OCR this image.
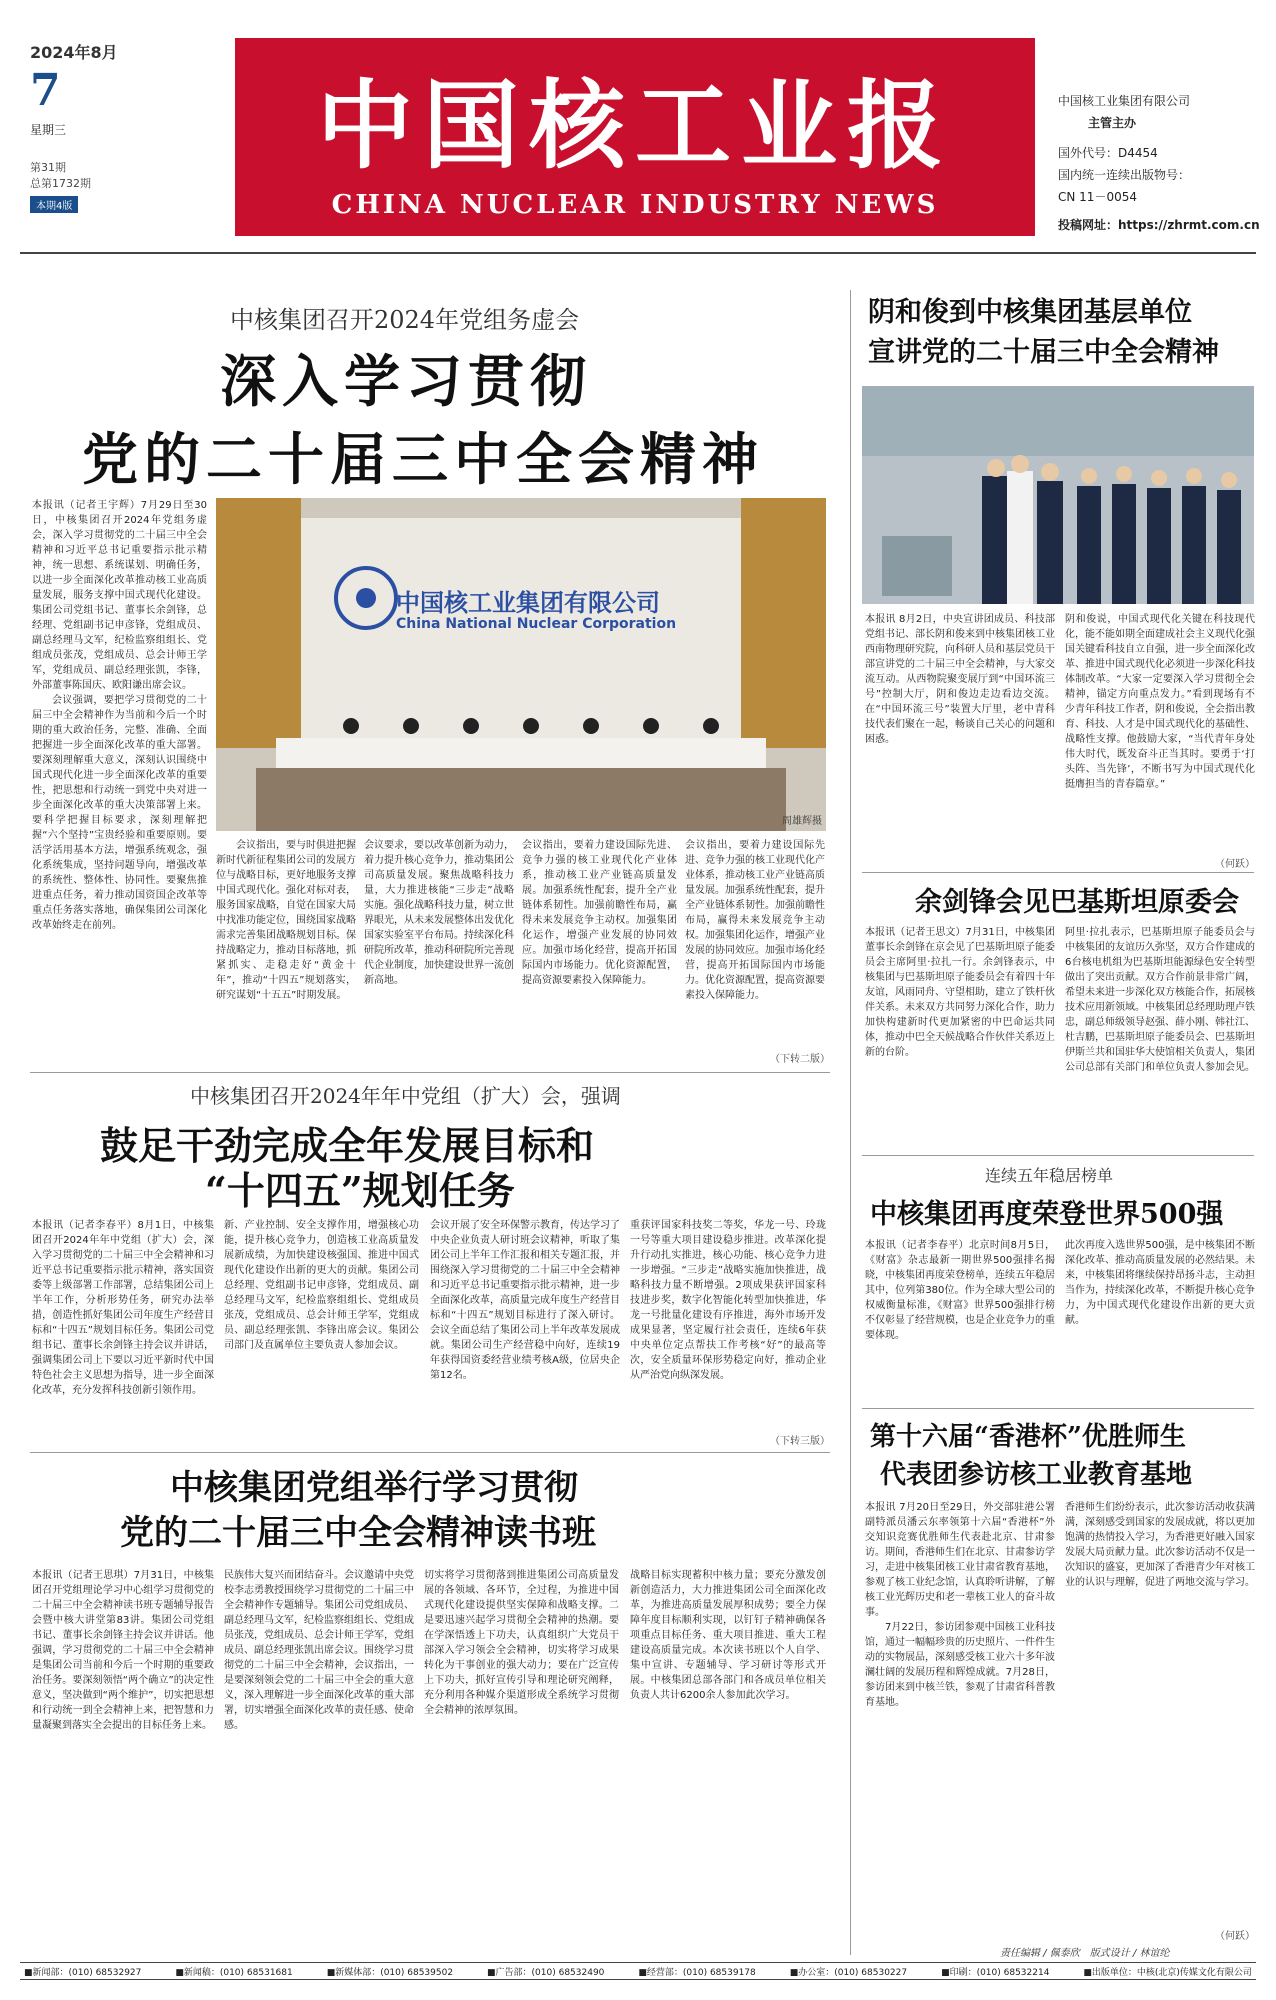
2024年8月
7
星期三
第31期
总第1732期
本期4版
中国核工业报
CHINA NUCLEAR INDUSTRY NEWS
中国核工业集团有限公司
主管主办
国外代号：D4454
国内统一连续出版物号：
CN 11－0054
投稿网址：https://zhrmt.com.cn
中核集团召开2024年党组务虚会
深入学习贯彻
党的二十届三中全会精神

本报讯（记者王宇辉）7月29日至30日，中核集团召开2024年党组务虚会，深入学习贯彻党的二十届三中全会精神和习近平总书记重要指示批示精神，统一思想、系统谋划、明确任务，以进一步全面深化改革推动核工业高质量发展，服务支撑中国式现代化建设。集团公司党组书记、董事长余剑锋，总经理、党组副书记申彦锋，党组成员、副总经理马文军，纪检监察组组长、党组成员张茂，党组成员、总会计师王学军，党组成员、副总经理张凯，李锋，外部董事陈国庆、欧阳谦出席会议。

会议强调，要把学习贯彻党的二十届三中全会精神作为当前和今后一个时期的重大政治任务，完整、准确、全面把握进一步全面深化改革的重大部署。要深刻理解重大意义，深刻认识围绕中国式现代化进一步全面深化改革的重要性，把思想和行动统一到党中央对进一步全面深化改革的重大决策部署上来。要科学把握目标要求，深刻理解把握“六个坚持”宝贵经验和重要原则。要活学活用基本方法，增强系统观念，强化系统集成，坚持问题导向，增强改革的系统性、整体性、协同性。要聚焦推进重点任务，着力推动国资国企改革等重点任务落实落地，确保集团公司深化改革始终走在前列。

中国核工业集团有限公司
China National Nuclear Corporation
周雄辉摄

会议指出，要与时俱进把握新时代新征程集团公司的发展方位与战略目标，更好地服务支撑中国式现代化。强化对标对表，服务国家战略，自觉在国家大局中找准功能定位，围绕国家战略需求完善集团战略规划目标。保持战略定力，推动目标落地，抓紧抓实、走稳走好“黄金十年”，推动“十四五”规划落实，研究谋划“十五五”时期发展。

会议要求，要以改革创新为动力，着力提升核心竞争力，推动集团公司高质量发展。聚焦战略科技力量，大力推进核能“三步走”战略实施。强化战略科技力量，树立世界眼光，从未来发展整体出发优化国家实验室平台布局。持续深化科研院所改革，推动科研院所完善现代企业制度，加快建设世界一流创新高地。

会议指出，要着力建设国际先进、竞争力强的核工业现代化产业体系，推动核工业产业链高质量发展。加强系统性配套，提升全产业链体系韧性。加强前瞻性布局，赢得未来发展竞争主动权。加强集团化运作，增强产业发展的协同效应。加强市场化经营，提高开拓国际国内市场能力。优化资源配置，提高资源要素投入保障能力。

会议指出，要着力建设国际先进、竞争力强的核工业现代化产业体系，推动核工业产业链高质量发展。加强系统性配套，提升全产业链体系韧性。加强前瞻性布局，赢得未来发展竞争主动权。加强集团化运作，增强产业发展的协同效应。加强市场化经营，提高开拓国际国内市场能力。优化资源配置，提高资源要素投入保障能力。

（下转二版）
中核集团召开2024年年中党组（扩大）会，强调
鼓足干劲完成全年发展目标和
“十四五”规划任务

本报讯（记者李春平）8月1日，中核集团召开2024年年中党组（扩大）会，深入学习贯彻党的二十届三中全会精神和习近平总书记重要指示批示精神，落实国资委等上级部署工作部署，总结集团公司上半年工作，分析形势任务，研究办法举措，创造性抓好集团公司年度生产经营目标和“十四五”规划目标任务。集团公司党组书记、董事长余剑锋主持会议并讲话，强调集团公司上下要以习近平新时代中国特色社会主义思想为指导，进一步全面深化改革，充分发挥科技创新引领作用。

新、产业控制、安全支撑作用，增强核心功能，提升核心竞争力，创造核工业高质量发展新成绩，为加快建设核强国、推进中国式现代化建设作出新的更大的贡献。集团公司总经理、党组副书记申彦锋，党组成员、副总经理马文军，纪检监察组组长、党组成员张茂，党组成员、总会计师王学军，党组成员、副总经理张凯、李锋出席会议。集团公司部门及直属单位主要负责人参加会议。

会议开展了安全环保警示教育，传达学习了中央企业负责人研讨班会议精神，听取了集团公司上半年工作汇报和相关专题汇报，并围绕深入学习贯彻党的二十届三中全会精神和习近平总书记重要指示批示精神，进一步全面深化改革，高质量完成年度生产经营目标和“十四五”规划目标进行了深入研讨。会议全面总结了集团公司上半年改革发展成就。集团公司生产经营稳中向好，连续19年获得国资委经营业绩考核A级，位居央企第12名。

重获评国家科技奖二等奖，华龙一号、玲珑一号等重大项目建设稳步推进。改革深化提升行动扎实推进，核心功能、核心竞争力进一步增强。“三步走”战略实施加快推进，战略科技力量不断增强。2项成果获评国家科技进步奖，数字化智能化转型加快推进，华龙一号批量化建设有序推进，海外市场开发成果显著，坚定履行社会责任，连续6年获中央单位定点帮扶工作考核“好”的最高等次，安全质量环保形势稳定向好，推动企业从严治党向纵深发展。

（下转三版）
中核集团党组举行学习贯彻
党的二十届三中全会精神读书班

本报讯（记者王思琪）7月31日，中核集团召开党组理论学习中心组学习贯彻党的二十届三中全会精神读书班专题辅导报告会暨中核大讲堂第83讲。集团公司党组书记、董事长余剑锋主持会议并讲话。他强调，学习贯彻党的二十届三中全会精神是集团公司当前和今后一个时期的重要政治任务。要深刻领悟“两个确立”的决定性意义，坚决做到“两个维护”，切实把思想和行动统一到全会精神上来，把智慧和力量凝聚到落实全会提出的目标任务上来。

民族伟大复兴而团结奋斗。会议邀请中央党校李志勇教授围绕学习贯彻党的二十届三中全会精神作专题辅导。集团公司党组成员、副总经理马文军，纪检监察组组长、党组成员张茂，党组成员、总会计师王学军，党组成员、副总经理张凯出席会议。围绕学习贯彻党的二十届三中全会精神，会议指出，一是要深刻领会党的二十届三中全会的重大意义，深入理解进一步全面深化改革的重大部署，切实增强全面深化改革的责任感、使命感。

切实将学习贯彻落到推进集团公司高质量发展的各领域、各环节，全过程，为推进中国式现代化建设提供坚实保障和战略支撑。二是要迅速兴起学习贯彻全会精神的热潮。要在学深悟透上下功夫，认真组织广大党员干部深入学习领会全会精神，切实将学习成果转化为干事创业的强大动力；要在广泛宣传上下功夫，抓好宣传引导和理论研究阐释，充分利用各种媒介渠道形成全系统学习贯彻全会精神的浓厚氛围。

战略目标实现蓄积中核力量；要充分激发创新创造活力，大力推进集团公司全面深化改革，为推进高质量发展厚积成势；要全力保障年度目标顺利实现，以钉钉子精神确保各项重点目标任务、重大项目推进、重大工程建设高质量完成。本次读书班以个人自学、集中宣讲、专题辅导、学习研讨等形式开展。中核集团总部各部门和各成员单位相关负责人共计6200余人参加此次学习。

阴和俊到中核集团基层单位
宣讲党的二十届三中全会精神

本报讯 8月2日，中央宣讲团成员、科技部党组书记、部长阴和俊来到中核集团核工业西南物理研究院，向科研人员和基层党员干部宣讲党的二十届三中全会精神，与大家交流互动。从西物院聚变展厅到“中国环流三号”控制大厅，阴和俊边走边看边交流。在“中国环流三号”装置大厅里，老中青科技代表们聚在一起，畅谈自己关心的问题和困惑。

阴和俊说，中国式现代化关键在科技现代化，能不能如期全面建成社会主义现代化强国关键看科技自立自强，进一步全面深化改革、推进中国式现代化必须进一步深化科技体制改革。“大家一定要深入学习贯彻全会精神，锚定方向重点发力。”看到现场有不少青年科技工作者，阴和俊说，全会指出教育、科技、人才是中国式现代化的基础性、战略性支撑。他鼓励大家，“当代青年身处伟大时代，既发奋斗正当其时。要勇于‘打头阵、当先锋’，不断书写为中国式现代化挺膺担当的青春篇章。”

（何跃）
余剑锋会见巴基斯坦原委会

本报讯（记者王思文）7月31日，中核集团董事长余剑锋在京会见了巴基斯坦原子能委员会主席阿里·拉扎一行。余剑锋表示，中核集团与巴基斯坦原子能委员会有着四十年友谊，风雨同舟、守望相助，建立了铁杆伙伴关系。未来双方共同努力深化合作，助力加快构建新时代更加紧密的中巴命运共同体，推动中巴全天候战略合作伙伴关系迈上新的台阶。

阿里·拉扎表示，巴基斯坦原子能委员会与中核集团的友谊历久弥坚，双方合作建成的6台核电机组为巴基斯坦能源绿色安全转型做出了突出贡献。双方合作前景非常广阔，希望未来进一步深化双方核能合作，拓展核技术应用新领域。中核集团总经理助理卢铁忠，副总师级领导赵强、薛小刚、韩社江、杜吉鹏，巴基斯坦原子能委员会、巴基斯坦伊斯兰共和国驻华大使馆相关负责人，集团公司总部有关部门和单位负责人参加会见。

连续五年稳居榜单
中核集团再度荣登世界500强

本报讯（记者李春平）北京时间8月5日，《财富》杂志最新一期世界500强排名揭晓，中核集团再度荣登榜单，连续五年稳居其中，位列第380位。作为全球大型公司的权威衡量标准，《财富》世界500强排行榜不仅彰显了经营规模，也是企业竞争力的重要体现。

此次再度入选世界500强，是中核集团不断深化改革、推动高质量发展的必然结果。未来，中核集团将继续保持昂扬斗志，主动担当作为，持续深化改革，不断提升核心竞争力，为中国式现代化建设作出新的更大贡献。

第十六届“香港杯”优胜师生
代表团参访核工业教育基地

本报讯 7月20日至29日，外交部驻港公署副特派员潘云东率领第十六届“香港杯”外交知识竞赛优胜师生代表赴北京、甘肃参访。期间，香港师生们在北京、甘肃参访学习，走进中核集团核工业甘肃省教育基地，参观了核工业纪念馆，认真聆听讲解，了解核工业光辉历史和老一辈核工业人的奋斗故事。

7月22日，参访团参观中国核工业科技馆，通过一幅幅珍贵的历史照片、一件件生动的实物展品，深刻感受核工业六十多年波澜壮阔的发展历程和辉煌成就。7月28日，参访团来到中核兰铁，参观了甘肃省科普教育基地。

香港师生们纷纷表示，此次参访活动收获满满，深刻感受到国家的发展成就，将以更加饱满的热情投入学习，为香港更好融入国家发展大局贡献力量。此次参访活动不仅是一次知识的盛宴，更加深了香港青少年对核工业的认识与理解，促进了两地交流与学习。

（何跃）
责任编辑 / 佩泰欣　版式设计 / 林谊纶
■新闻部：(010) 68532927	■新闻稿：(010) 68531681	■新媒体部：(010) 68539502	■广告部：(010) 68532490	■经营部：(010) 68539178	■办公室：(010) 68530227	■印刷：(010) 68532214	■出版单位：中核(北京)传媒文化有限公司
